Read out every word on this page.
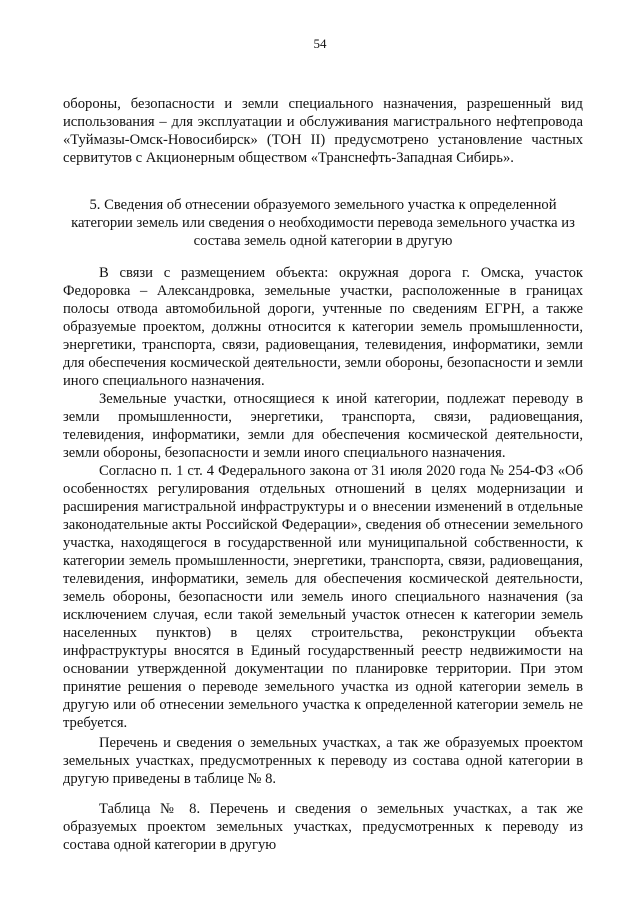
54

обороны, безопасности и земли специального назначения, разрешенный вид использования – для эксплуатации и обслуживания магистрального нефтепровода «Туймазы-Омск-Новосибирск» (ТОН II) предусмотрено установление частных сервитутов с Акционерным обществом «Транснефть-Западная Сибирь».

5. Сведения об отнесении образуемого земельного участка к определенной категории земель или сведения о необходимости перевода земельного участка из состава земель одной категории в другую

В связи с размещением объекта: окружная дорога г. Омска, участок Федоровка – Александровка, земельные участки, расположенные в границах полосы отвода автомобильной дороги, учтенные по сведениям ЕГРН, а также образуемые проектом, должны относится к категории земель промышленности, энергетики, транспорта, связи, радиовещания, телевидения, информатики, земли для обеспечения космической деятельности, земли обороны, безопасности и земли иного специального назначения.

Земельные участки, относящиеся к иной категории, подлежат переводу в земли промышленности, энергетики, транспорта, связи, радиовещания, телевидения, информатики, земли для обеспечения космической деятельности, земли обороны, безопасности и земли иного специального назначения.

Согласно п. 1 ст. 4 Федерального закона от 31 июля 2020 года № 254-ФЗ «Об особенностях регулирования отдельных отношений в целях модернизации и расширения магистральной инфраструктуры и о внесении изменений в отдельные законодательные акты Российской Федерации», сведения об отнесении земельного участка, находящегося в государственной или муниципальной собственности, к категории земель промышленности, энергетики, транспорта, связи, радиовещания, телевидения, информатики, земель для обеспечения космической деятельности, земель обороны, безопасности или земель иного специального назначения (за исключением случая, если такой земельный участок отнесен к категории земель населенных пунктов) в целях строительства, реконструкции объекта инфраструктуры вносятся в Единый государственный реестр недвижимости на основании утвержденной документации по планировке территории. При этом принятие решения о переводе земельного участка из одной категории земель в другую или об отнесении земельного участка к определенной категории земель не требуется.

Перечень и сведения о земельных участках, а так же образуемых проектом земельных участках, предусмотренных к переводу из состава одной категории в другую приведены в таблице № 8.

Таблица № 8. Перечень и сведения о земельных участках, а так же образуемых проектом земельных участках, предусмотренных к переводу из состава одной категории в другую
